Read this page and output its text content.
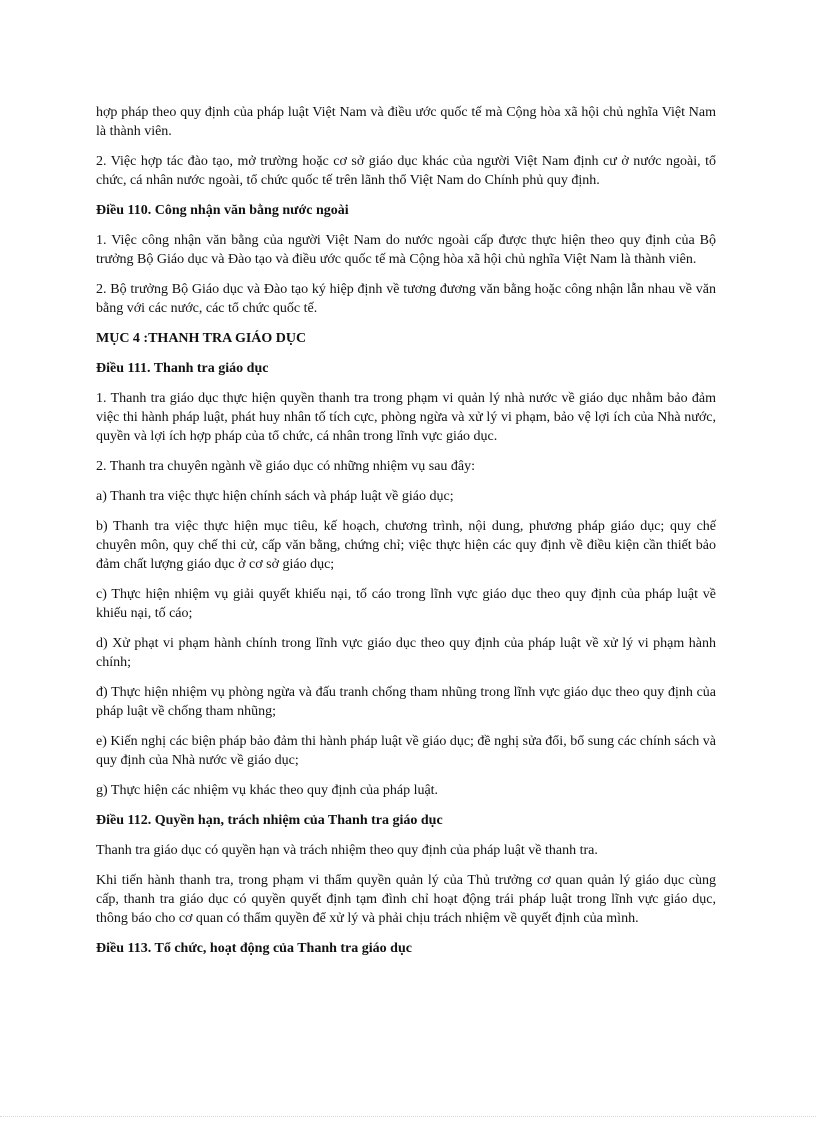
hợp pháp theo quy định của pháp luật Việt Nam và điều ước quốc tế mà Cộng hòa xã hội chủ nghĩa Việt Nam là thành viên.

2. Việc hợp tác đào tạo, mở trường hoặc cơ sở giáo dục khác của người Việt Nam định cư ở nước ngoài, tổ chức, cá nhân nước ngoài, tổ chức quốc tế trên lãnh thổ Việt Nam do Chính phủ quy định.

Điều 110. Công nhận văn bằng nước ngoài

1. Việc công nhận văn bằng của người Việt Nam do nước ngoài cấp được thực hiện theo quy định của Bộ trưởng Bộ Giáo dục và Đào tạo và điều ước quốc tế mà Cộng hòa xã hội chủ nghĩa Việt Nam là thành viên.

2. Bộ trưởng Bộ Giáo dục và Đào tạo ký hiệp định về tương đương văn bằng hoặc công nhận lẫn nhau về văn bằng với các nước, các tổ chức quốc tế.

MỤC 4 :THANH TRA GIÁO DỤC
Điều 111. Thanh tra giáo dục

1. Thanh tra giáo dục thực hiện quyền thanh tra trong phạm vi quản lý nhà nước về giáo dục nhằm bảo đảm việc thi hành pháp luật, phát huy nhân tố tích cực, phòng ngừa và xử lý vi phạm, bảo vệ lợi ích của Nhà nước, quyền và lợi ích hợp pháp của tổ chức, cá nhân trong lĩnh vực giáo dục.

2. Thanh tra chuyên ngành về giáo dục có những nhiệm vụ sau đây:

a) Thanh tra việc thực hiện chính sách và pháp luật về giáo dục;

b) Thanh tra việc thực hiện mục tiêu, kế hoạch, chương trình, nội dung, phương pháp giáo dục; quy chế chuyên môn, quy chế thi cử, cấp văn bằng, chứng chỉ; việc thực hiện các quy định về điều kiện cần thiết bảo đảm chất lượng giáo dục ở cơ sở giáo dục;

c) Thực hiện nhiệm vụ giải quyết khiếu nại, tố cáo trong lĩnh vực giáo dục theo quy định của pháp luật về khiếu nại, tố cáo;

d) Xử phạt vi phạm hành chính trong lĩnh vực giáo dục theo quy định của pháp luật về xử lý vi phạm hành chính;

đ) Thực hiện nhiệm vụ phòng ngừa và đấu tranh chống tham nhũng trong lĩnh vực giáo dục theo quy định của pháp luật về chống tham nhũng;

e) Kiến nghị các biện pháp bảo đảm thi hành pháp luật về giáo dục; đề nghị sửa đổi, bổ sung các chính sách và quy định của Nhà nước về giáo dục;

g) Thực hiện các nhiệm vụ khác theo quy định của pháp luật.

Điều 112. Quyền hạn, trách nhiệm của Thanh tra giáo dục

Thanh tra giáo dục có quyền hạn và trách nhiệm theo quy định của pháp luật về thanh tra.

Khi tiến hành thanh tra, trong phạm vi thẩm quyền quản lý của Thủ trưởng cơ quan quản lý giáo dục cùng cấp, thanh tra giáo dục có quyền quyết định tạm đình chỉ hoạt động trái pháp luật trong lĩnh vực giáo dục, thông báo cho cơ quan có thẩm quyền để xử lý và phải chịu trách nhiệm về quyết định của mình.

Điều 113. Tổ chức, hoạt động của Thanh tra giáo dục
